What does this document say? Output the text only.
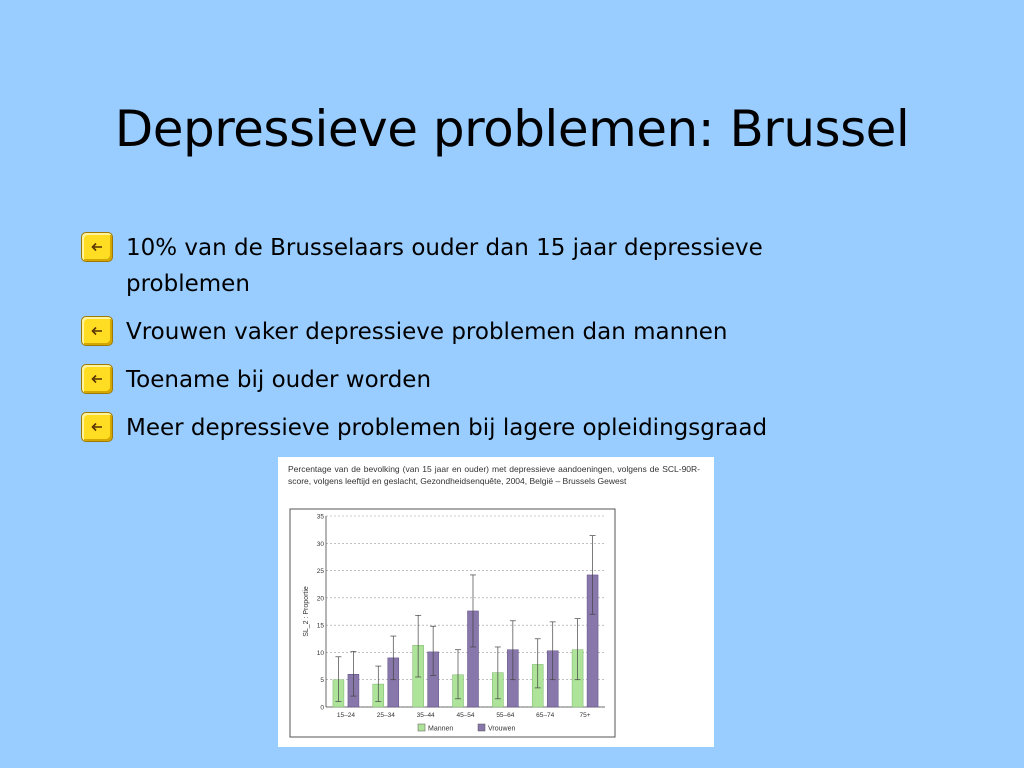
Depressieve problemen: Brussel
10% van de Brusselaars ouder dan 15 jaar depressieve problemen
Vrouwen vaker depressieve problemen dan mannen
Toename bij ouder worden
Meer depressieve problemen bij lagere opleidingsgraad
Percentage van de bevolking (van 15 jaar en ouder) met depressieve aandoeningen, volgens de SCL-90R-score, volgens leeftijd en geslacht, Gezondheidsenquête, 2004, België – Brussels Gewest
0
5
10
15
20
25
30
35
SL_2 : Proportie
15–24	25–34	35–44	45–54	55–64	65–74	75+
Mannen	Vrouwen
